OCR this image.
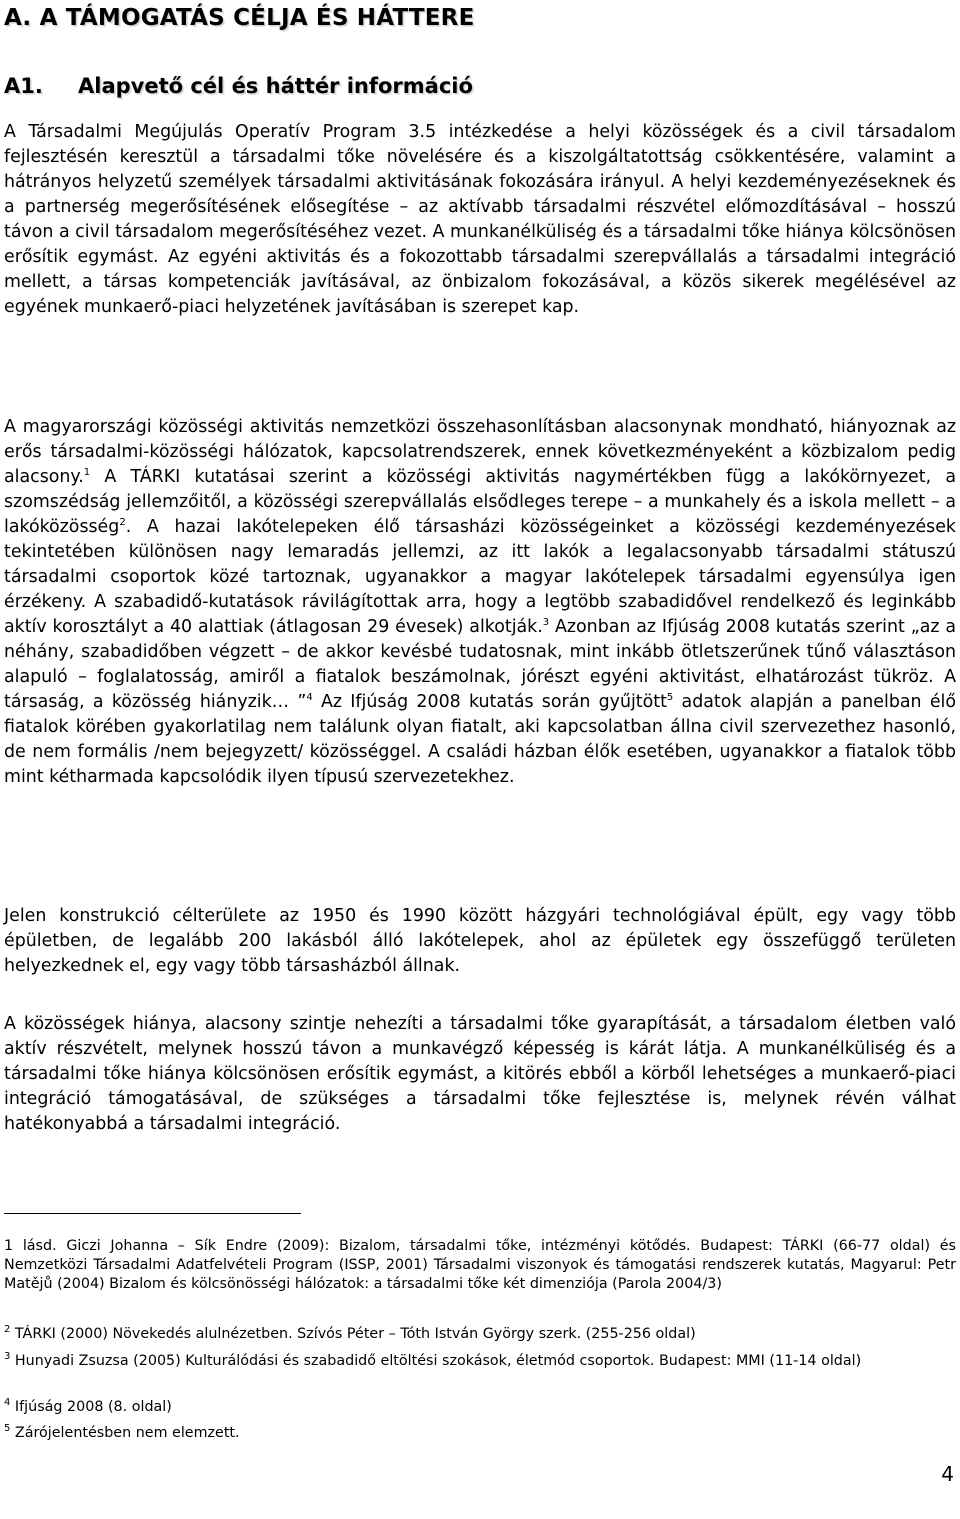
A. A TÁMOGATÁS CÉLJA ÉS HÁTTERE
A1. Alapvető cél és háttér információ
A Társadalmi Megújulás Operatív Program 3.5 intézkedése a helyi közösségek és a civil társadalom fejlesztésén keresztül a társadalmi tőke növelésére és a kiszolgáltatottság csökkentésére, valamint a hátrányos helyzetű személyek társadalmi aktivitásának fokozására irányul. A helyi kezdeményezéseknek és a partnerség megerősítésének elősegítése – az aktívabb társadalmi részvétel előmozdításával – hosszú távon a civil társadalom megerősítéséhez vezet. A munkanélküliség és a társadalmi tőke hiánya kölcsönösen erősítik egymást. Az egyéni aktivitás és a fokozottabb társadalmi szerepvállalás a társadalmi integráció mellett, a társas kompetenciák javításával, az önbizalom fokozásával, a közös sikerek megélésével az egyének munkaerő-piaci helyzetének javításában is szerepet kap.
A magyarországi közösségi aktivitás nemzetközi összehasonlításban alacsonynak mondható, hiányoznak az erős társadalmi-közösségi hálózatok, kapcsolatrendszerek, ennek következményeként a közbizalom pedig alacsony.$^1$ A TÁRKI kutatásai szerint a közösségi aktivitás nagymértékben függ a lakókörnyezet, a szomszédság jellemzőitől, a közösségi szerepvállalás elsődleges terepe – a munkahely és a iskola mellett – a lakóközösség$^2$. A hazai lakótelepeken élő társasházi közösségeinket a közösségi kezdeményezések tekintetében különösen nagy lemaradás jellemzi, az itt lakók a legalacsonyabb társadalmi státuszú társadalmi csoportok közé tartoznak, ugyanakkor a magyar lakótelepek társadalmi egyensúlya igen érzékeny. A szabadidő-kutatások rávilágítottak arra, hogy a legtöbb szabadidővel rendelkező és leginkább aktív korosztályt a 40 alattiak (átlagosan 29 évesek) alkotják.$^3$ Azonban az Ifjúság 2008 kutatás szerint „az a néhány, szabadidőben végzett – de akkor kevésbé tudatosnak, mint inkább ötletszerűnek tűnő választáson alapuló – foglalatosság, amiről a fiatalok beszámolnak, jórészt egyéni aktivitást, elhatározást tükröz. A társaság, a közösség hiányzik… ”$^4$ Az Ifjúság 2008 kutatás során gyűjtött$^5$ adatok alapján a panelban élő fiatalok körében gyakorlatilag nem találunk olyan fiatalt, aki kapcsolatban állna civil szervezethez hasonló, de nem formális /nem bejegyzett/ közösséggel. A családi házban élők esetében, ugyanakkor a fiatalok több mint kétharmada kapcsolódik ilyen típusú szervezetekhez.
Jelen konstrukció célterülete az 1950 és 1990 között házgyári technológiával épült, egy vagy több épületben, de legalább 200 lakásból álló lakótelepek, ahol az épületek egy összefüggő területen helyezkednek el, egy vagy több társasházból állnak.
A közösségek hiánya, alacsony szintje nehezíti a társadalmi tőke gyarapítását, a társadalom életben való aktív részvételt, melynek hosszú távon a munkavégző képesség is kárát látja. A munkanélküliség és a társadalmi tőke hiánya kölcsönösen erősítik egymást, a kitörés ebből a körből lehetséges a munkaerő-piaci integráció támogatásával, de szükséges a társadalmi tőke fejlesztése is, melynek révén válhat hatékonyabbá a társadalmi integráció.
1 lásd. Giczi Johanna – Sík Endre (2009): Bizalom, társadalmi tőke, intézményi kötődés. Budapest: TÁRKI (66-77 oldal) és Nemzetközi Társadalmi Adatfelvételi Program (ISSP, 2001) Társadalmi viszonyok és támogatási rendszerek kutatás, Magyarul: Petr Matějů (2004) Bizalom és kölcsönösségi hálózatok: a társadalmi tőke két dimenziója (Parola 2004/3)
$^2$ TÁRKI (2000) Növekedés alulnézetben. Szívós Péter – Tóth István György szerk. (255-256 oldal)
$^3$ Hunyadi Zsuzsa (2005) Kulturálódási és szabadidő eltöltési szokások, életmód csoportok. Budapest: MMI (11-14 oldal)
$^4$ Ifjúság 2008 (8. oldal)
$^5$ Zárójelentésben nem elemzett.
4
